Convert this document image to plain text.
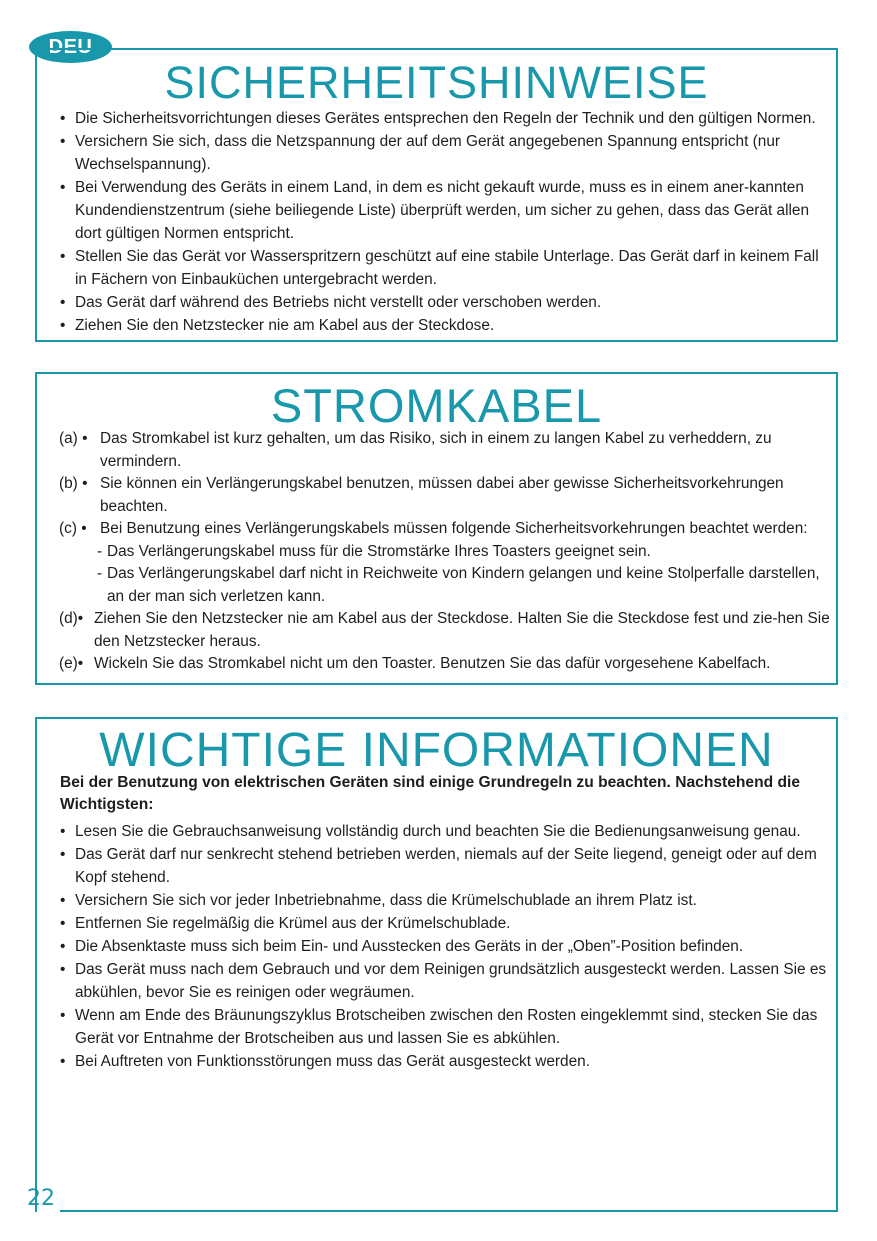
DEU
SICHERHEITSHINWEISE
• Die Sicherheitsvorrichtungen dieses Gerätes entsprechen den Regeln der Technik und den gültigen Normen.
• Versichern Sie sich, dass die Netzspannung der auf dem Gerät angegebenen Spannung entspricht (nur Wechselspannung).
• Bei Verwendung des Geräts in einem Land, in dem es nicht gekauft wurde, muss es in einem aner-kannten Kundendienstzentrum (siehe beiliegende Liste) überprüft werden, um sicher zu gehen, dass das Gerät allen dort gültigen Normen entspricht.
• Stellen Sie das Gerät vor Wasserspritzern geschützt auf eine stabile Unterlage. Das Gerät darf in keinem Fall in Fächern von Einbauküchen untergebracht werden.
• Das Gerät darf während des Betriebs nicht verstellt oder verschoben werden.
• Ziehen Sie den Netzstecker nie am Kabel aus der Steckdose.
STROMKABEL
(a) • Das Stromkabel ist kurz gehalten, um das Risiko, sich in einem zu langen Kabel zu verheddern, zu vermindern.
(b) • Sie können ein Verlängerungskabel benutzen, müssen dabei aber gewisse Sicherheitsvorkehrungen beachten.
(c) • Bei Benutzung eines Verlängerungskabels müssen folgende Sicherheitsvorkehrungen beachtet werden:
- Das Verlängerungskabel muss für die Stromstärke Ihres Toasters geeignet sein.
- Das Verlängerungskabel darf nicht in Reichweite von Kindern gelangen und keine Stolperfalle darstellen, an der man sich verletzen kann.
(d)• Ziehen Sie den Netzstecker nie am Kabel aus der Steckdose. Halten Sie die Steckdose fest und zie-hen Sie den Netzstecker heraus.
(e)• Wickeln Sie das Stromkabel nicht um den Toaster. Benutzen Sie das dafür vorgesehene Kabelfach.
WICHTIGE INFORMATIONEN

Bei der Benutzung von elektrischen Geräten sind einige Grundregeln zu beachten. Nachstehend die Wichtigsten:

• Lesen Sie die Gebrauchsanweisung vollständig durch und beachten Sie die Bedienungsanweisung genau.
• Das Gerät darf nur senkrecht stehend betrieben werden, niemals auf der Seite liegend, geneigt oder auf dem Kopf stehend.
• Versichern Sie sich vor jeder Inbetriebnahme, dass die Krümelschublade an ihrem Platz ist.
• Entfernen Sie regelmäßig die Krümel aus der Krümelschublade.
• Die Absenktaste muss sich beim Ein- und Ausstecken des Geräts in der „Oben”-Position befinden.
• Das Gerät muss nach dem Gebrauch und vor dem Reinigen grundsätzlich ausgesteckt werden. Lassen Sie es abkühlen, bevor Sie es reinigen oder wegräumen.
• Wenn am Ende des Bräunungszyklus Brotscheiben zwischen den Rosten eingeklemmt sind, stecken Sie das Gerät vor Entnahme der Brotscheiben aus und lassen Sie es abkühlen.
• Bei Auftreten von Funktionsstörungen muss das Gerät ausgesteckt werden.
22
